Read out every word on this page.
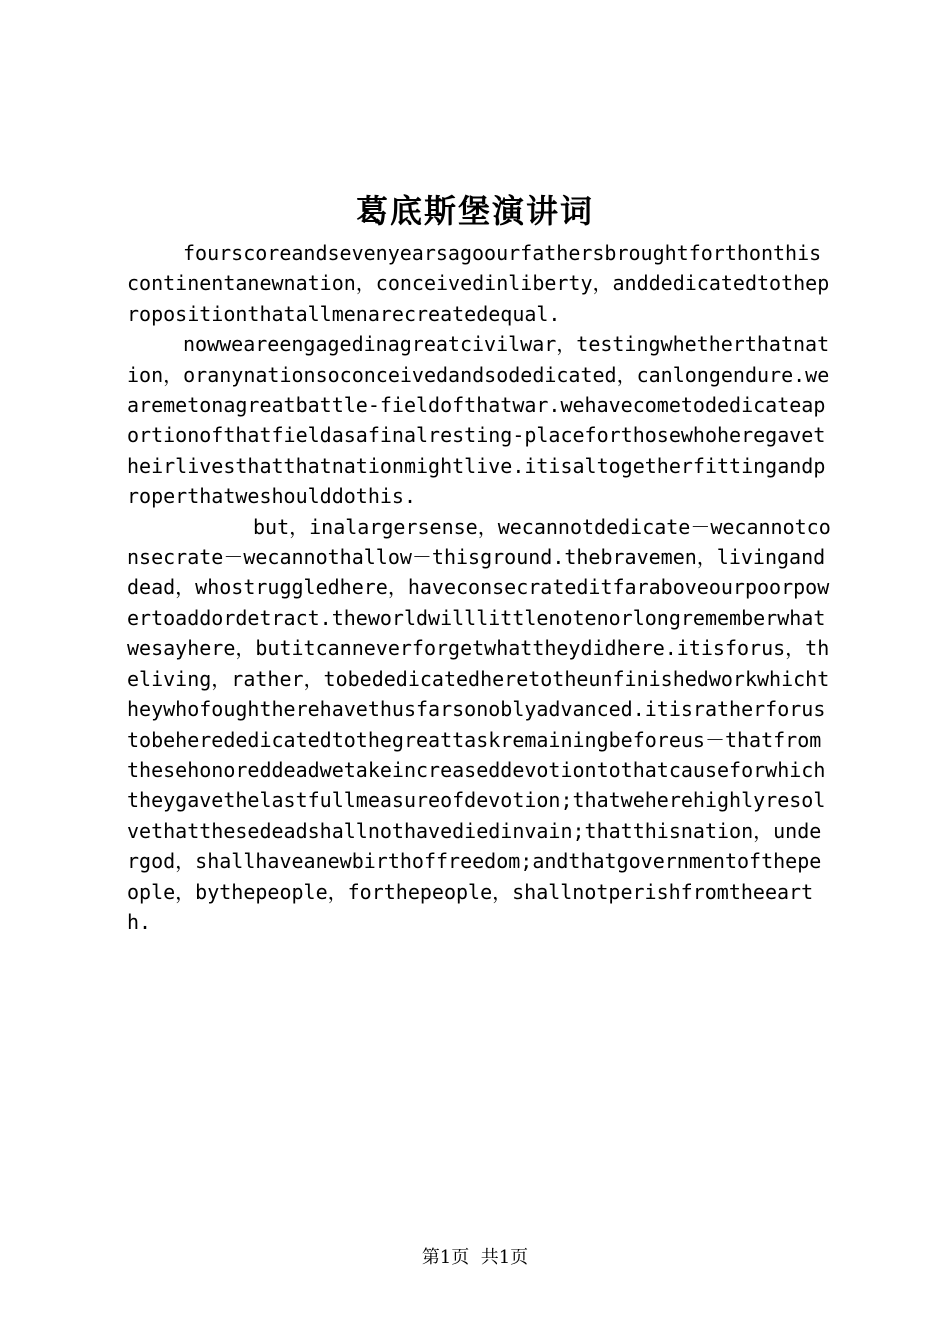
葛底斯堡演讲词

fourscoreandsevenyearsagoourfathersbroughtforthonthiscontinentanewnation，conceivedinliberty，anddedicatedtothepropositionthatallmenarecreatedequal.

nowweareengagedinagreatcivilwar，testingwhetherthatnation，oranynationsoconceivedandsodedicated，canlongendure.wearemetonagreatbattle-fieldofthatwar.wehavecometodedicateaportionofthatfieldasafinalresting-placeforthosewhoheregavetheirlivesthatthatnationmightlive.itisaltogetherfittingandproperthatweshoulddothis.

but，inalargersense，wecannotdedicate－wecannotconsecrate－wecannothallow－thisground.thebravemen，livinganddead，whostruggledhere，haveconsecrateditfaraboveourpoorpowertoaddordetract.theworldwilllittlenotenorlongrememberwhatwesayhere，butitcanneverforgetwhattheydidhere.itisforus，theliving，rather，tobededicatedheretotheunfinishedworkwhichtheywhofoughtherehavethusfarsonoblyadvanced.itisratherforustobeherededicatedtothegreattaskremainingbeforeus－thatfromthesehonoreddeadwetakeincreaseddevotiontothatcauseforwhichtheygavethelastfullmeasureofdevotion;thatweherehighlyresolvethatthesedeadshallnothavediedinvain;thatthisnation，undergod，shallhaveanewbirthoffreedom;andthatgovernmentofthepeople，bythepeople，forthepeople，shallnotperishfromtheearth.

第1页  共1页
